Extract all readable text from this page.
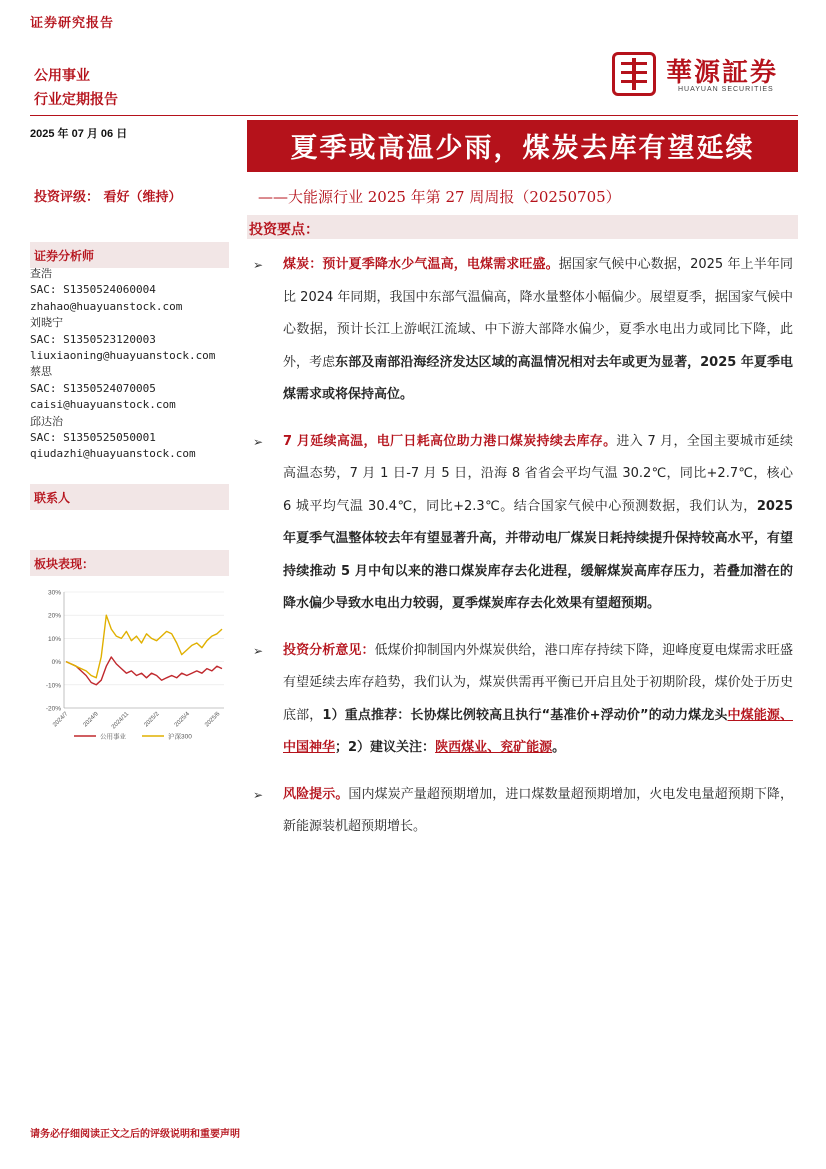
证券研究报告
公用事业
行业定期报告
華源証券
HUAYUAN SECURITIES
2025 年 07 月 06 日	夏季或高温少雨，煤炭去库有望延续
投资评级： 看好（维持）	——大能源行业 2025 年第 27 周周报（20250705）
证券分析师
查浩
SAC: S1350524060004
zhahao@huayuanstock.com
刘晓宁
SAC: S1350523120003
liuxiaoning@huayuanstock.com
蔡思
SAC: S1350524070005
caisi@huayuanstock.com
邱达治
SAC: S1350525050001
qiudazhi@huayuanstock.com
联系人
板块表现：
30%
20%
10%
0%
-10%
-20%
2024/7 2024/9 2024/11 2025/2 2025/4 2025/6
公用事业	沪深300
投资要点：
➢ 煤炭：预计夏季降水少气温高，电煤需求旺盛。据国家气候中心数据，2025 年上半年同比 2024 年同期，我国中东部气温偏高，降水量整体小幅偏少。展望夏季，据国家气候中心数据，预计长江上游岷江流域、中下游大部降水偏少，夏季水电出力或同比下降，此外，考虑东部及南部沿海经济发达区域的高温情况相对去年或更为显著，2025 年夏季电煤需求或将保持高位。
➢ 7 月延续高温，电厂日耗高位助力港口煤炭持续去库存。进入 7 月，全国主要城市延续高温态势，7 月 1 日-7 月 5 日，沿海 8 省省会平均气温 30.2℃，同比+2.7℃，核心 6 城平均气温 30.4℃，同比+2.3℃。结合国家气候中心预测数据，我们认为，2025 年夏季气温整体较去年有望显著升高，并带动电厂煤炭日耗持续提升保持较高水平，有望持续推动 5 月中旬以来的港口煤炭库存去化进程，缓解煤炭高库存压力，若叠加潜在的降水偏少导致水电出力较弱，夏季煤炭库存去化效果有望超预期。
➢ 投资分析意见：低煤价抑制国内外煤炭供给，港口库存持续下降，迎峰度夏电煤需求旺盛有望延续去库存趋势，我们认为，煤炭供需再平衡已开启且处于初期阶段，煤价处于历史底部，1）重点推荐：长协煤比例较高且执行“基准价+浮动价”的动力煤龙头中煤能源、中国神华；2）建议关注：陕西煤业、兖矿能源。
➢ 风险提示。国内煤炭产量超预期增加，进口煤数量超预期增加，火电发电量超预期下降，新能源装机超预期增长。
请务必仔细阅读正文之后的评级说明和重要声明
